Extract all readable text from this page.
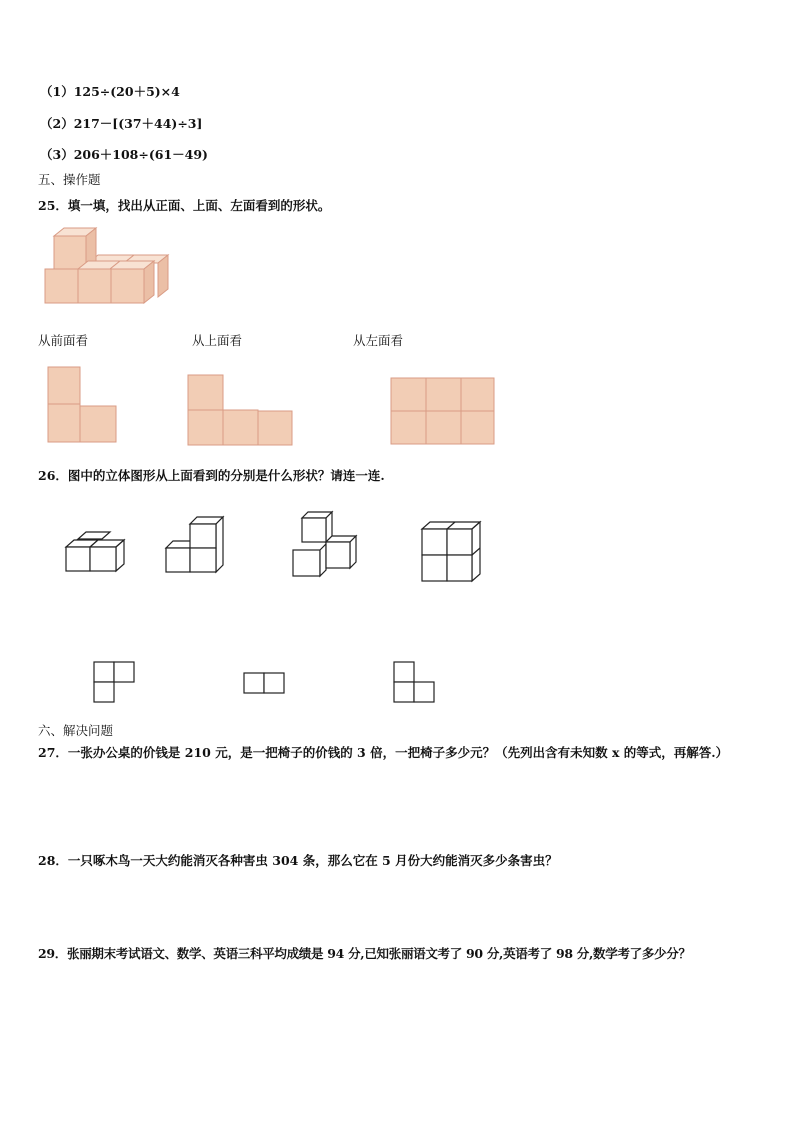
（1）125÷(20＋5)×4
（2）217－[(37＋44)÷3]
（3）206＋108÷(61－49)
五、操作题
25．填一填，找出从正面、上面、左面看到的形状。
从前面看	从上面看	从左面看
26．图中的立体图形从上面看到的分别是什么形状？请连一连.
六、解决问题
27．一张办公桌的价钱是 210 元，是一把椅子的价钱的 3 倍，一把椅子多少元？（先列出含有未知数 x 的等式，再解答.）
28．一只啄木鸟一天大约能消灭各种害虫 304 条，那么它在 5 月份大约能消灭多少条害虫？
29．张丽期末考试语文、数学、英语三科平均成绩是 94 分,已知张丽语文考了 90 分,英语考了 98 分,数学考了多少分？
